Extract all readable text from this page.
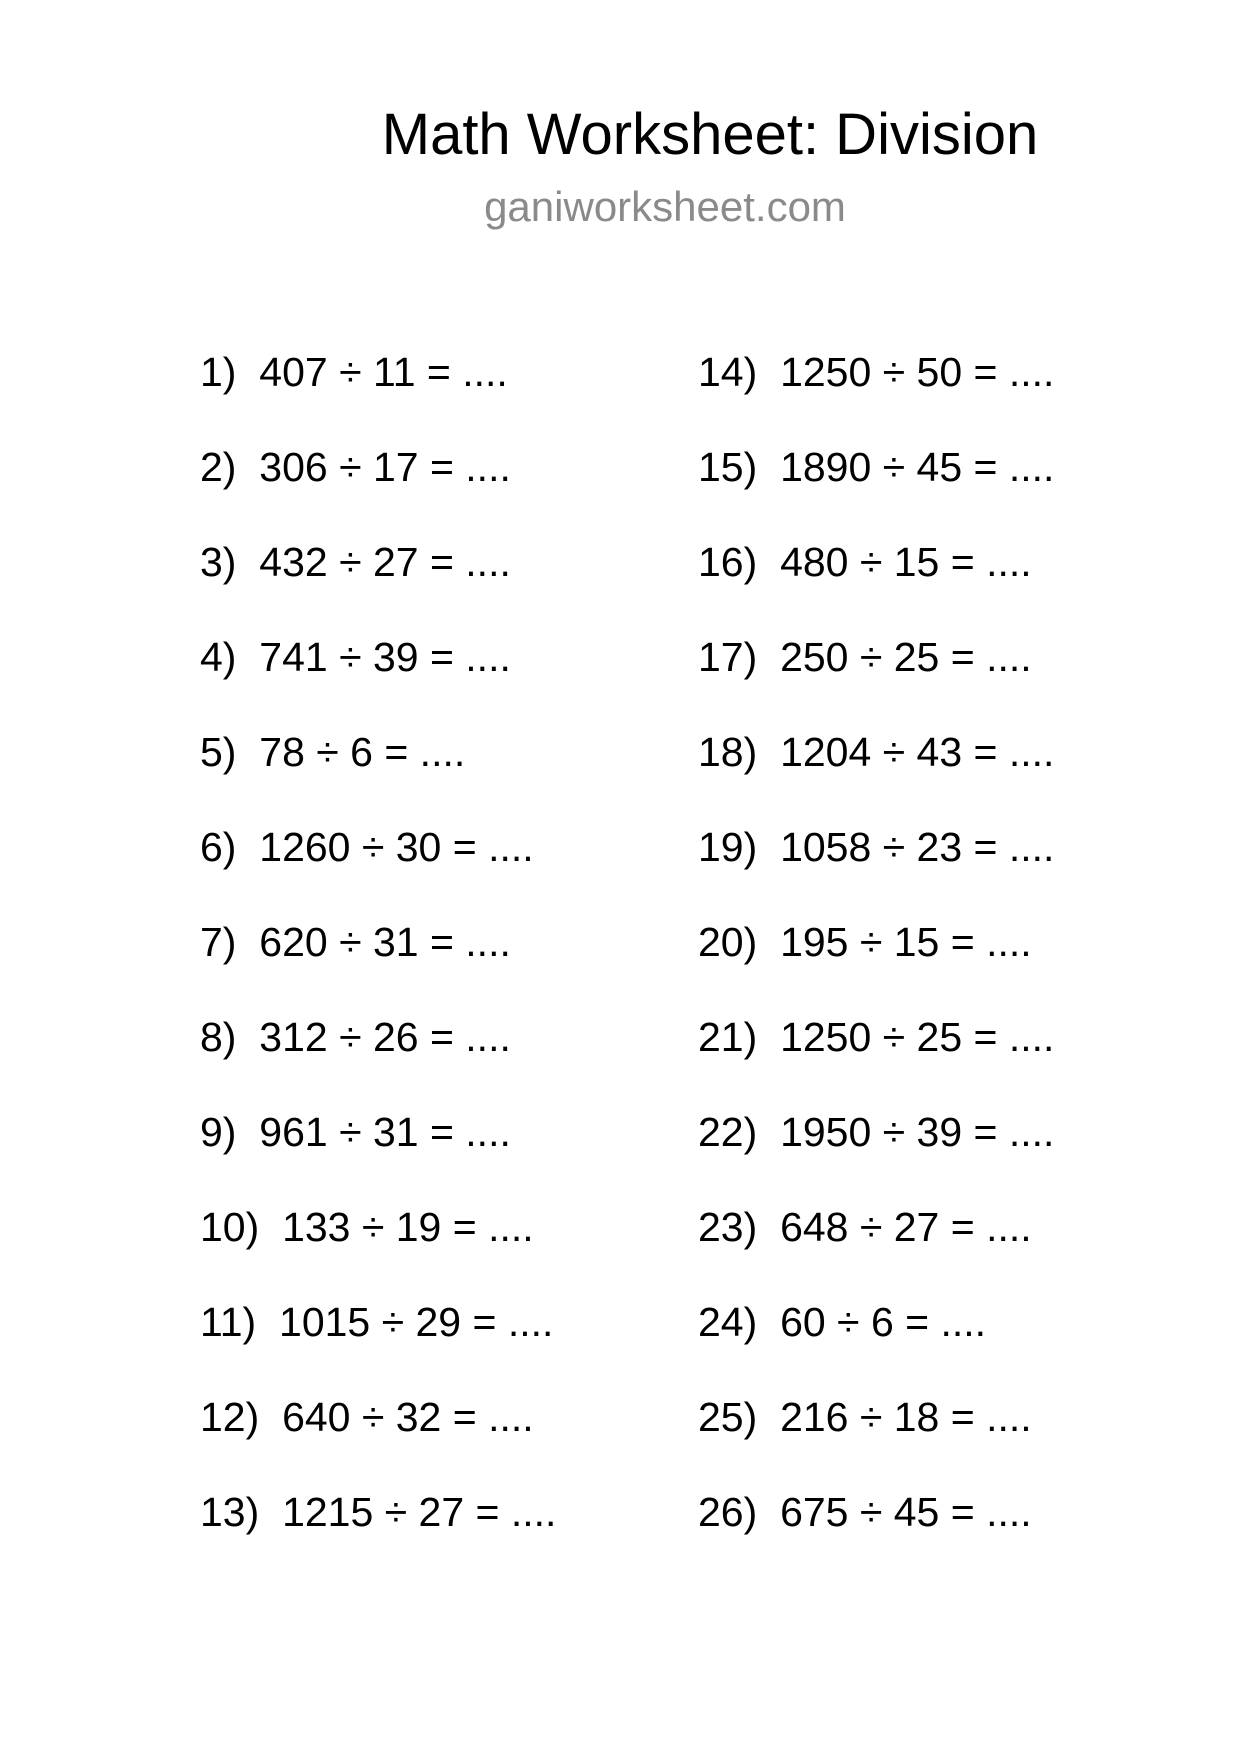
Math Worksheet: Division
ganiworksheet.com
1) 407 ÷ 11 = ....
2) 306 ÷ 17 = ....
3) 432 ÷ 27 = ....
4) 741 ÷ 39 = ....
5) 78 ÷ 6 = ....
6) 1260 ÷ 30 = ....
7) 620 ÷ 31 = ....
8) 312 ÷ 26 = ....
9) 961 ÷ 31 = ....
10) 133 ÷ 19 = ....
11) 1015 ÷ 29 = ....
12) 640 ÷ 32 = ....
13) 1215 ÷ 27 = ....
14) 1250 ÷ 50 = ....
15) 1890 ÷ 45 = ....
16) 480 ÷ 15 = ....
17) 250 ÷ 25 = ....
18) 1204 ÷ 43 = ....
19) 1058 ÷ 23 = ....
20) 195 ÷ 15 = ....
21) 1250 ÷ 25 = ....
22) 1950 ÷ 39 = ....
23) 648 ÷ 27 = ....
24) 60 ÷ 6 = ....
25) 216 ÷ 18 = ....
26) 675 ÷ 45 = ....
